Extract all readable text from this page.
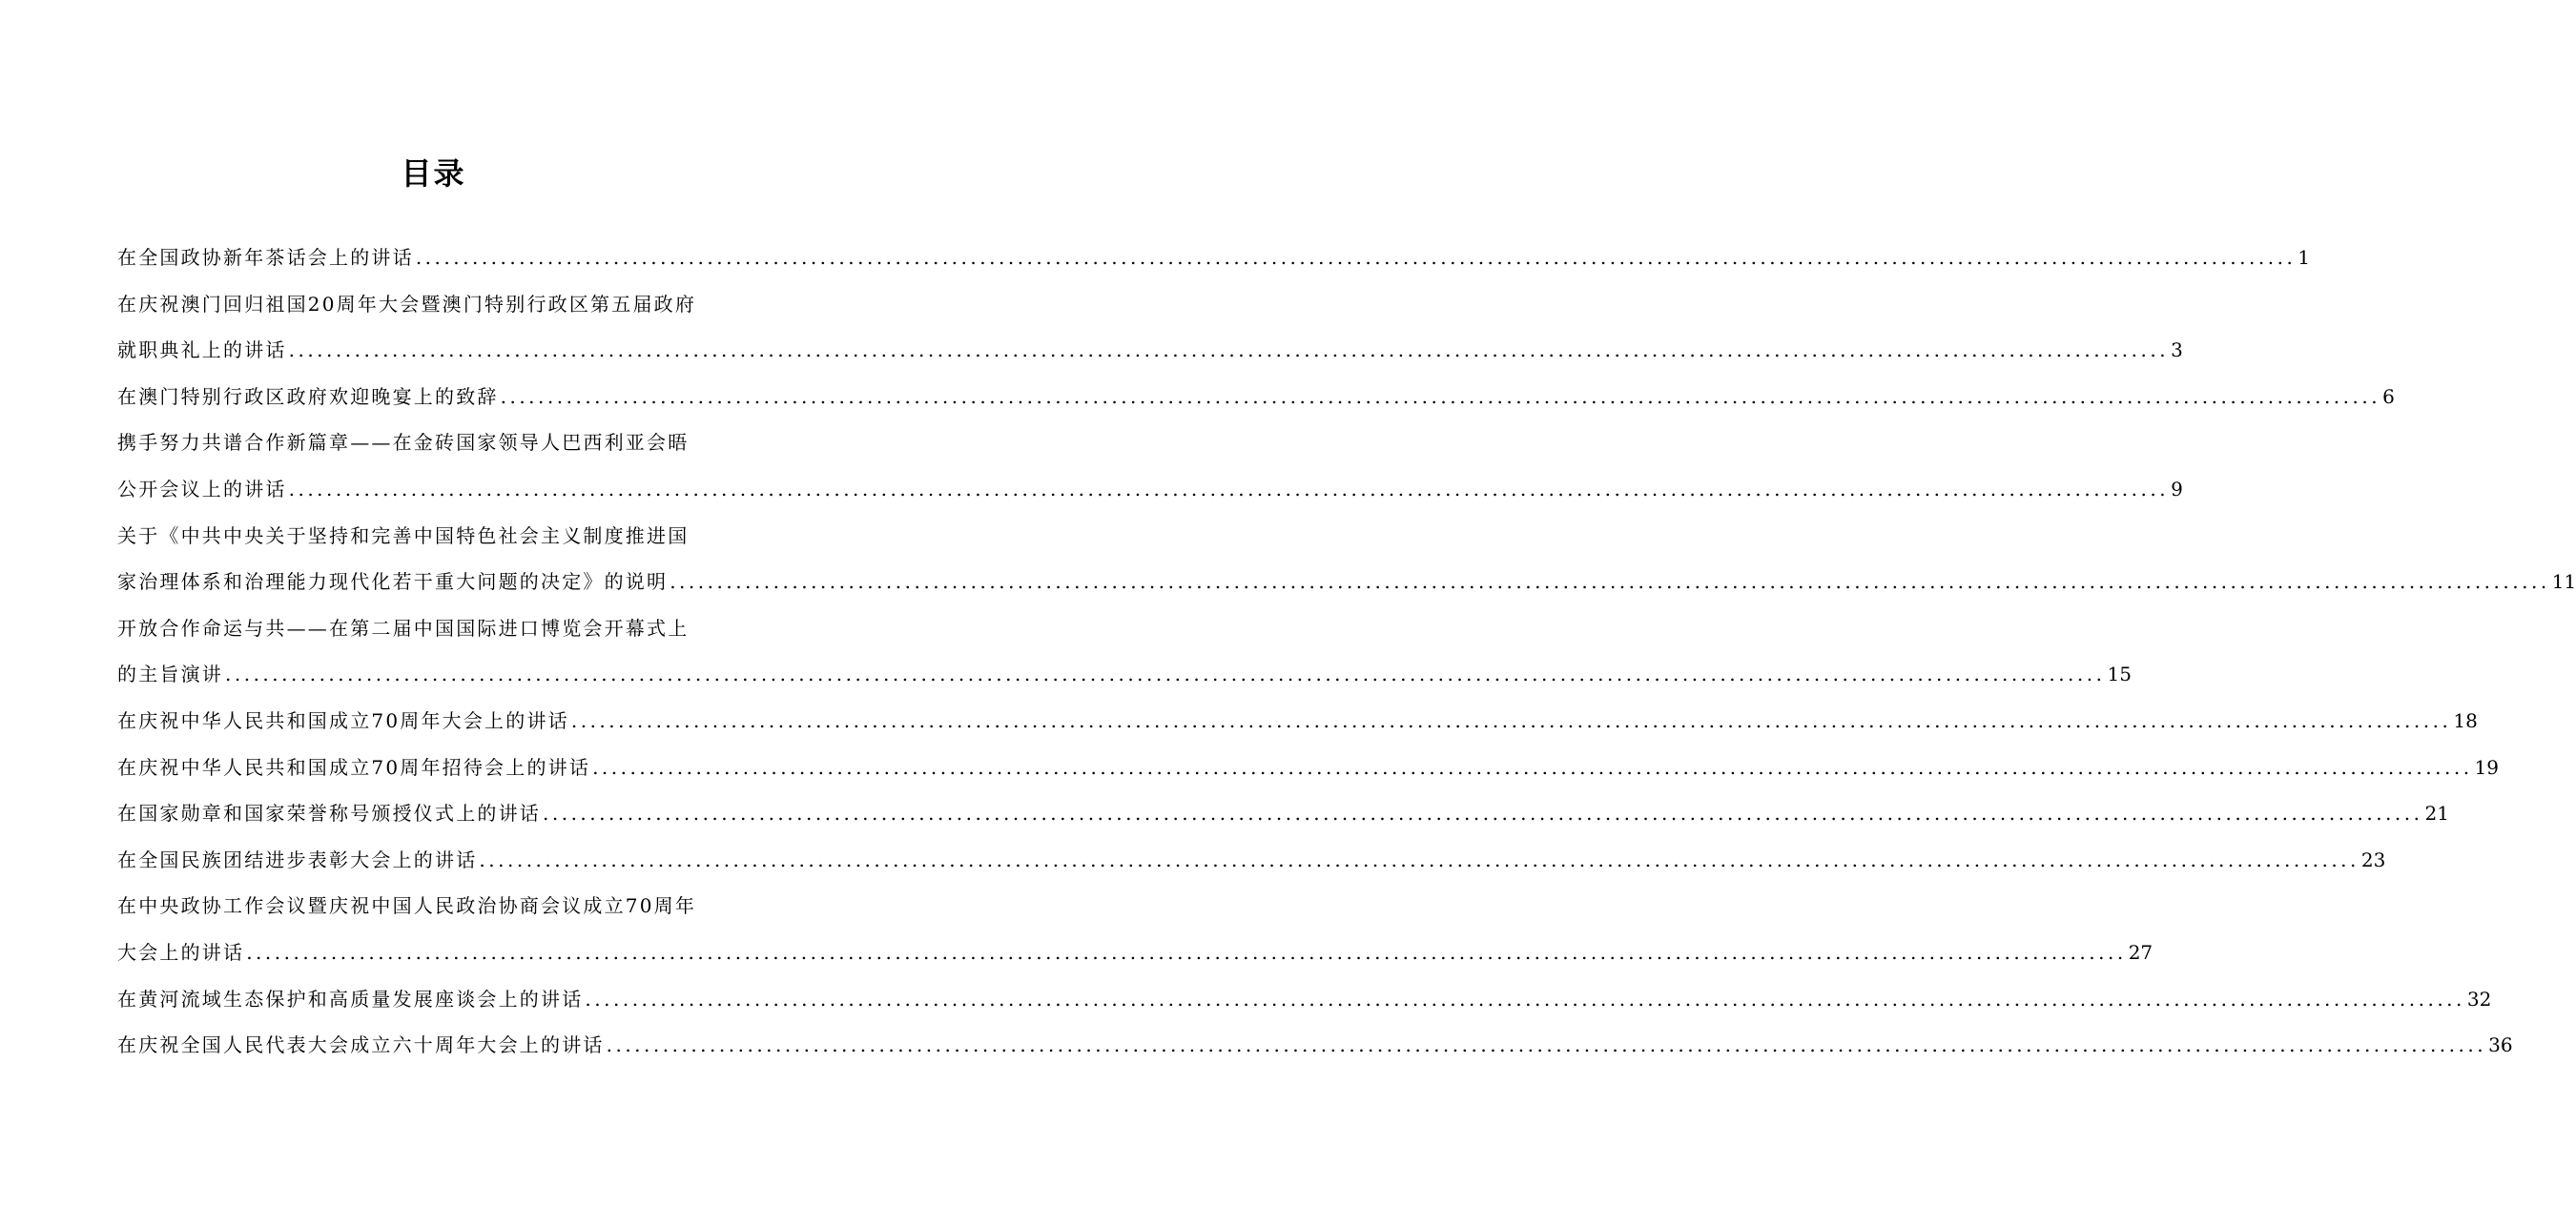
目录
在全国政协新年茶话会上的讲话 ........................................................................................................................................................................................................ 1
在庆祝澳门回归祖国20周年大会暨澳门特别行政区第五届政府
就职典礼上的讲话 ........................................................................................................................................................................................................ 3
在澳门特别行政区政府欢迎晚宴上的致辞 ........................................................................................................................................................................................................ 6
携手努力共谱合作新篇章——在金砖国家领导人巴西利亚会晤
公开会议上的讲话 ........................................................................................................................................................................................................ 9
关于《中共中央关于坚持和完善中国特色社会主义制度推进国
家治理体系和治理能力现代化若干重大问题的决定》的说明 ........................................................................................................................................................................................................ 11
开放合作命运与共——在第二届中国国际进口博览会开幕式上
的主旨演讲 ........................................................................................................................................................................................................ 15
在庆祝中华人民共和国成立70周年大会上的讲话 ........................................................................................................................................................................................................ 18
在庆祝中华人民共和国成立70周年招待会上的讲话 ........................................................................................................................................................................................................ 19
在国家勋章和国家荣誉称号颁授仪式上的讲话 ........................................................................................................................................................................................................ 21
在全国民族团结进步表彰大会上的讲话 ........................................................................................................................................................................................................ 23
在中央政协工作会议暨庆祝中国人民政治协商会议成立70周年
大会上的讲话 ........................................................................................................................................................................................................ 27
在黄河流域生态保护和高质量发展座谈会上的讲话 ........................................................................................................................................................................................................ 32
在庆祝全国人民代表大会成立六十周年大会上的讲话 ........................................................................................................................................................................................................ 36
